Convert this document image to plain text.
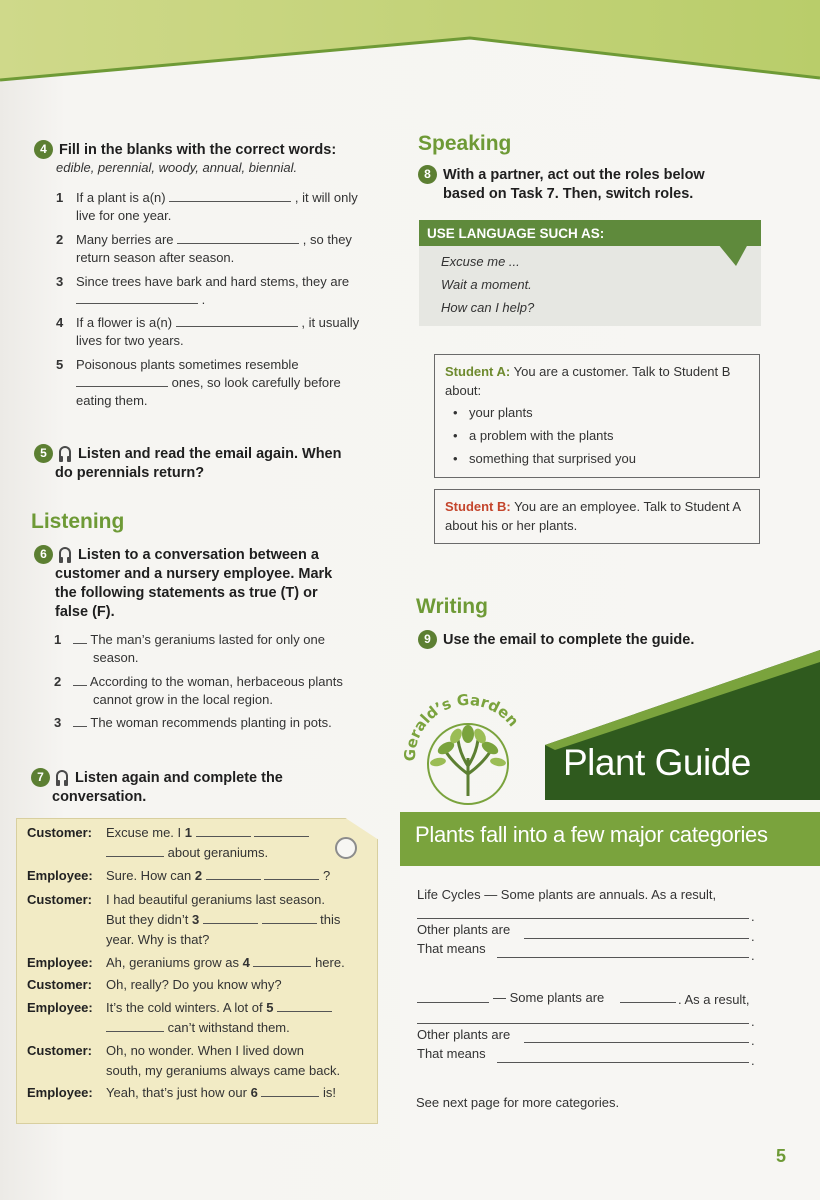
4 Fill in the blanks with the correct words:
edible, perennial, woody, annual, biennial.
1 If a plant is a(n)	, it will only
live for one year.
2 Many berries are	, so they
return season after season.
3 Since trees have bark and hard stems, they are
.
4 If a flower is a(n)	, it usually
lives for two years.
5 Poisonous plants sometimes resemble
ones, so look carefully before
eating them.
5 Listen and read the email again. When
do perennials return?
Listening
6 Listen to a conversation between a
customer and a nursery employee. Mark
the following statements as true (T) or
false (F).
1	The man’s geraniums lasted for only one
season.
2	According to the woman, herbaceous plants
cannot grow in the local region.
3	The woman recommends planting in pots.
7 Listen again and complete the
conversation.
Customer:	Excuse me. I 1
about geraniums.
Employee:	Sure. How can 2	?
Customer:	I had beautiful geraniums last season.
But they didn’t 3	this
year. Why is that?
Employee:	Ah, geraniums grow as 4	here.
Customer:	Oh, really? Do you know why?
Employee:	It’s the cold winters. A lot of 5
can’t withstand them.
Customer:	Oh, no wonder. When I lived down
south, my geraniums always came back.
Employee:	Yeah, that’s just how our 6	is!
Speaking
8 With a partner, act out the roles below
based on Task 7. Then, switch roles.
USE LANGUAGE SUCH AS:
Excuse me ...
Wait a moment.
How can I help?
Student A: You are a customer. Talk to Student B
about:
• your plants
• a problem with the plants
• something that surprised you
Student B: You are an employee. Talk to Student A
about his or her plants.
Writing
9 Use the email to complete the guide.
Plant Guide
Gerald’s Garden
Plants fall into a few major categories
Life Cycles — Some plants are annuals. As a result,
.
Other plants are	.
That means	.
— Some plants are	. As a result,
.
Other plants are	.
That means	.
See next page for more categories.
5
